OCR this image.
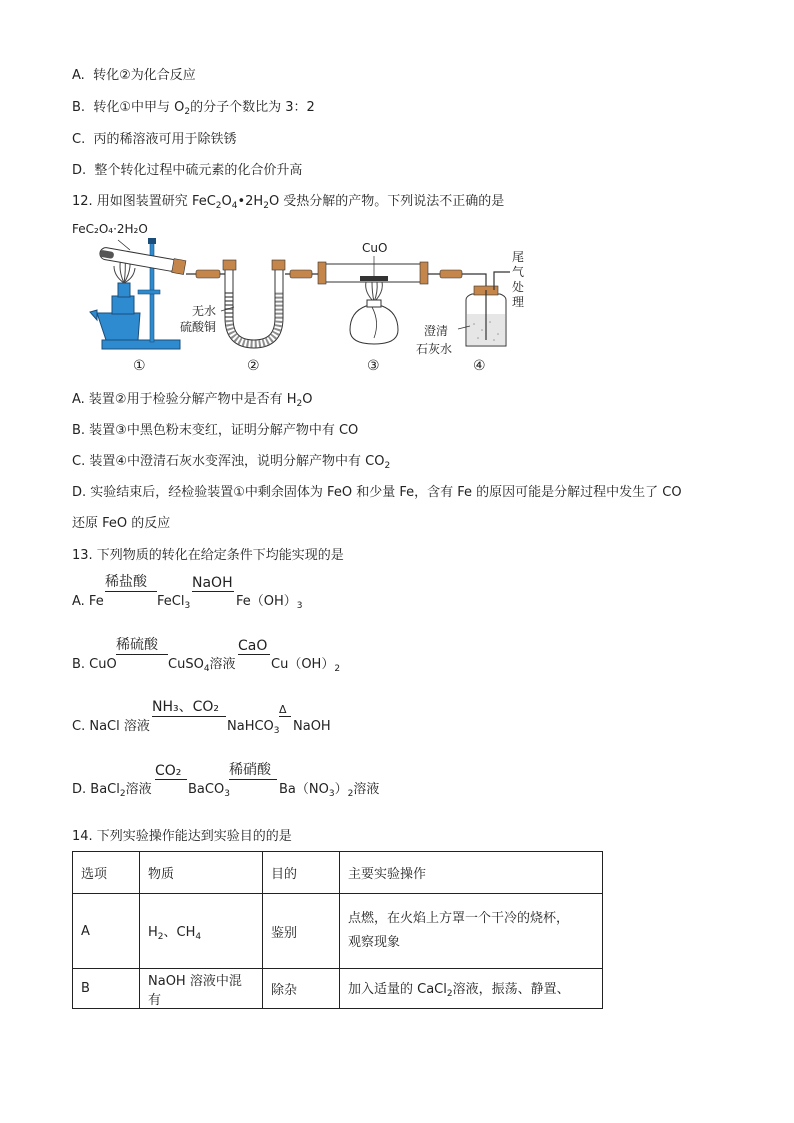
A. 转化②为化合反应
B. 转化①中甲与 $O_2$的分子个数比为 3：2
C. 丙的稀溶液可用于除铁锈
D. 整个转化过程中硫元素的化合价升高
12. 用如图装置研究 $FeC_2O_4•2H_2O$ 受热分解的产物。下列说法不正确的是
FeC₂O₄·2H₂O
CuO
无水
硫酸铜	澄清
石灰水
尾
气
处
理
①	②	③	④
A. 装置②用于检验分解产物中是否有 $H_2O$
B. 装置③中黑色粉末变红，证明分解产物中有 CO
C. 装置④中澄清石灰水变浑浊，说明分解产物中有 $CO_2$
D. 实验结束后，经检验装置①中剩余固体为 FeO 和少量 Fe，含有 Fe 的原因可能是分解过程中发生了 CO
还原 FeO 的反应
13. 下列物质的转化在给定条件下均能实现的是
A. Fe
稀盐酸
FeCl$_3$
NaOH
$Fe(OH)_3$
B. CuO
稀硫酸
CuSO$_4$溶液
CaO
$Cu(OH)_2$
C. NaCl 溶液
NH₃、CO₂
NaHCO$_3$
Δ
NaOH
D. BaCl$_2$溶液
CO₂
BaCO$_3$
稀硝酸
$Ba(NO_3)_2$溶液
14. 下列实验操作能达到实验目的的是
选项	物质	目的	主要实验操作
A	$H_2$、$CH_4$	鉴别	点燃，在火焰上方罩一个干冷的烧杯，
观察现象

B	NaOH 溶液中混有	除杂	加入适量的 CaCl$_2$溶液，振荡、静置、
